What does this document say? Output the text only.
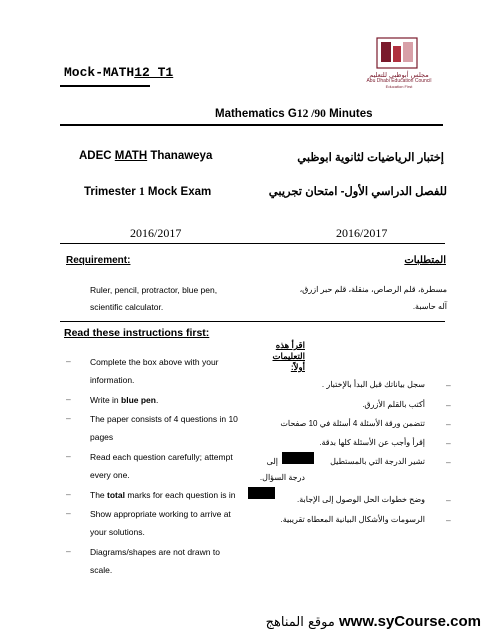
مجلس أبوظبي للتعليم
Abu Dhabi Education Council
Education First
Mock-MATH12 T1
Mathematics G12 /90 Minutes
ADEC MATH Thanaweya	إختبار الرياضيات لثانوية ابوظبي
Trimester 1 Mock Exam	للفصل الدراسي الأول- امتحان تجريبي
2016/2017	2016/2017
Requirement:	المتطلبات
Ruler, pencil, protractor, blue pen,
scientific calculator.
مسطرة، قلم الرصاص، منقلة، قلم حبر ازرق،
آله حاسبة.
Read these instructions first:
اقرأ هذه التعليمات أولاً:
– Complete the box above with your
information.
– Write in blue pen.
– The paper consists of 4 questions in 10
pages
– Read each question carefully; attempt
every one.
– The total marks for each question is in
– Show appropriate working to arrive at
your solutions.
– Diagrams/shapes are not drawn to
scale.
سجل بياناتك قبل البدأ بالإختبار . –
أكتب بالقلم الأزرق. –
تتضمن ورقة الأسئلة 4 أسئلة في 10 صفحات –
إقرأ وأجب عن الأسئلة كلها بدقة. –
تشير الدرجة التي بالمستطيل
إلى	–
درجة السؤال.
وضح خطوات الحل الوصول إلى الإجابة. –
الرسومات والأشكال البيانية المعطاه تقريبية. –
موقع المناهج www.syCourse.com
